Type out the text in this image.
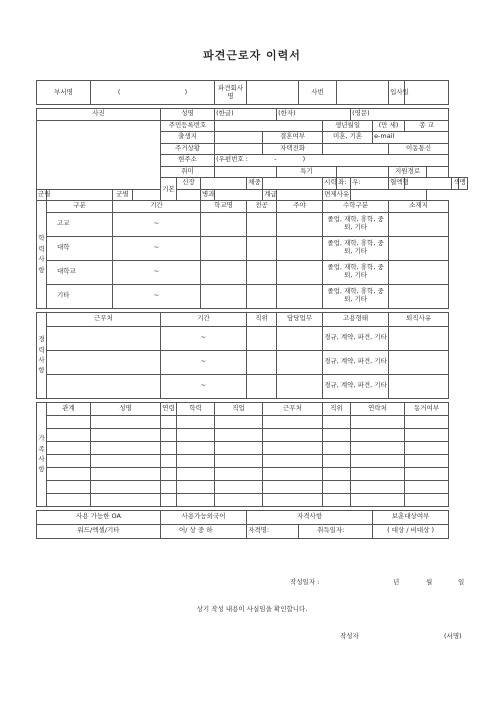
파견근로자 이력서
부서명		( )						파견회사명				사번					입사일				

사진					성명			(한글)			(한자)				(영문)						
					주민등록번호								생년월일			(만 세)		종 교			
					출생지					결혼여부			미혼, 기혼			e-mail					
					주거상황					자택전화							이동통신				
					현주소			(우편번호 : - )													
					취미						특기						지원경로				
					기본	신장			체중				시력	좌:	우:		혈액형			색맹	
군필			군별				병과			계급			면제사유								
학력사항	구분		기간				학교명		전공		주야		수학구분				소재지				
	고교		~										졸업, 재학, 휴학, 중퇴, 기타								
	대학		~										졸업, 재학, 휴학, 중퇴, 기타								
	대학교		~										졸업, 재학, 휴학, 중퇴, 기타								
	기타		~										졸업, 재학, 휴학, 중퇴, 기타								

경력사항	근무처				기간				직위		담당업무		고용형태				퇴직사유				
					~								경규, 계약, 파견, 기타								
					~								경규, 계약, 파견, 기타								
					~								경규, 계약, 파견, 기타								

가족사항	관계	성명			연령	학력		직업		근무처			직위		연락처			동거여부			

사용 가능한 OA					사용가능외국어				자격사항							보훈대상여부					
워드/엑셀/기타					어/ 상 중 하				자격명:			취득일자:				( 대상 / 비대상 )					
작성일자 :	년	월	일
상기 작성 내용이 사실임을 확인합니다.
작성자	(서명)
